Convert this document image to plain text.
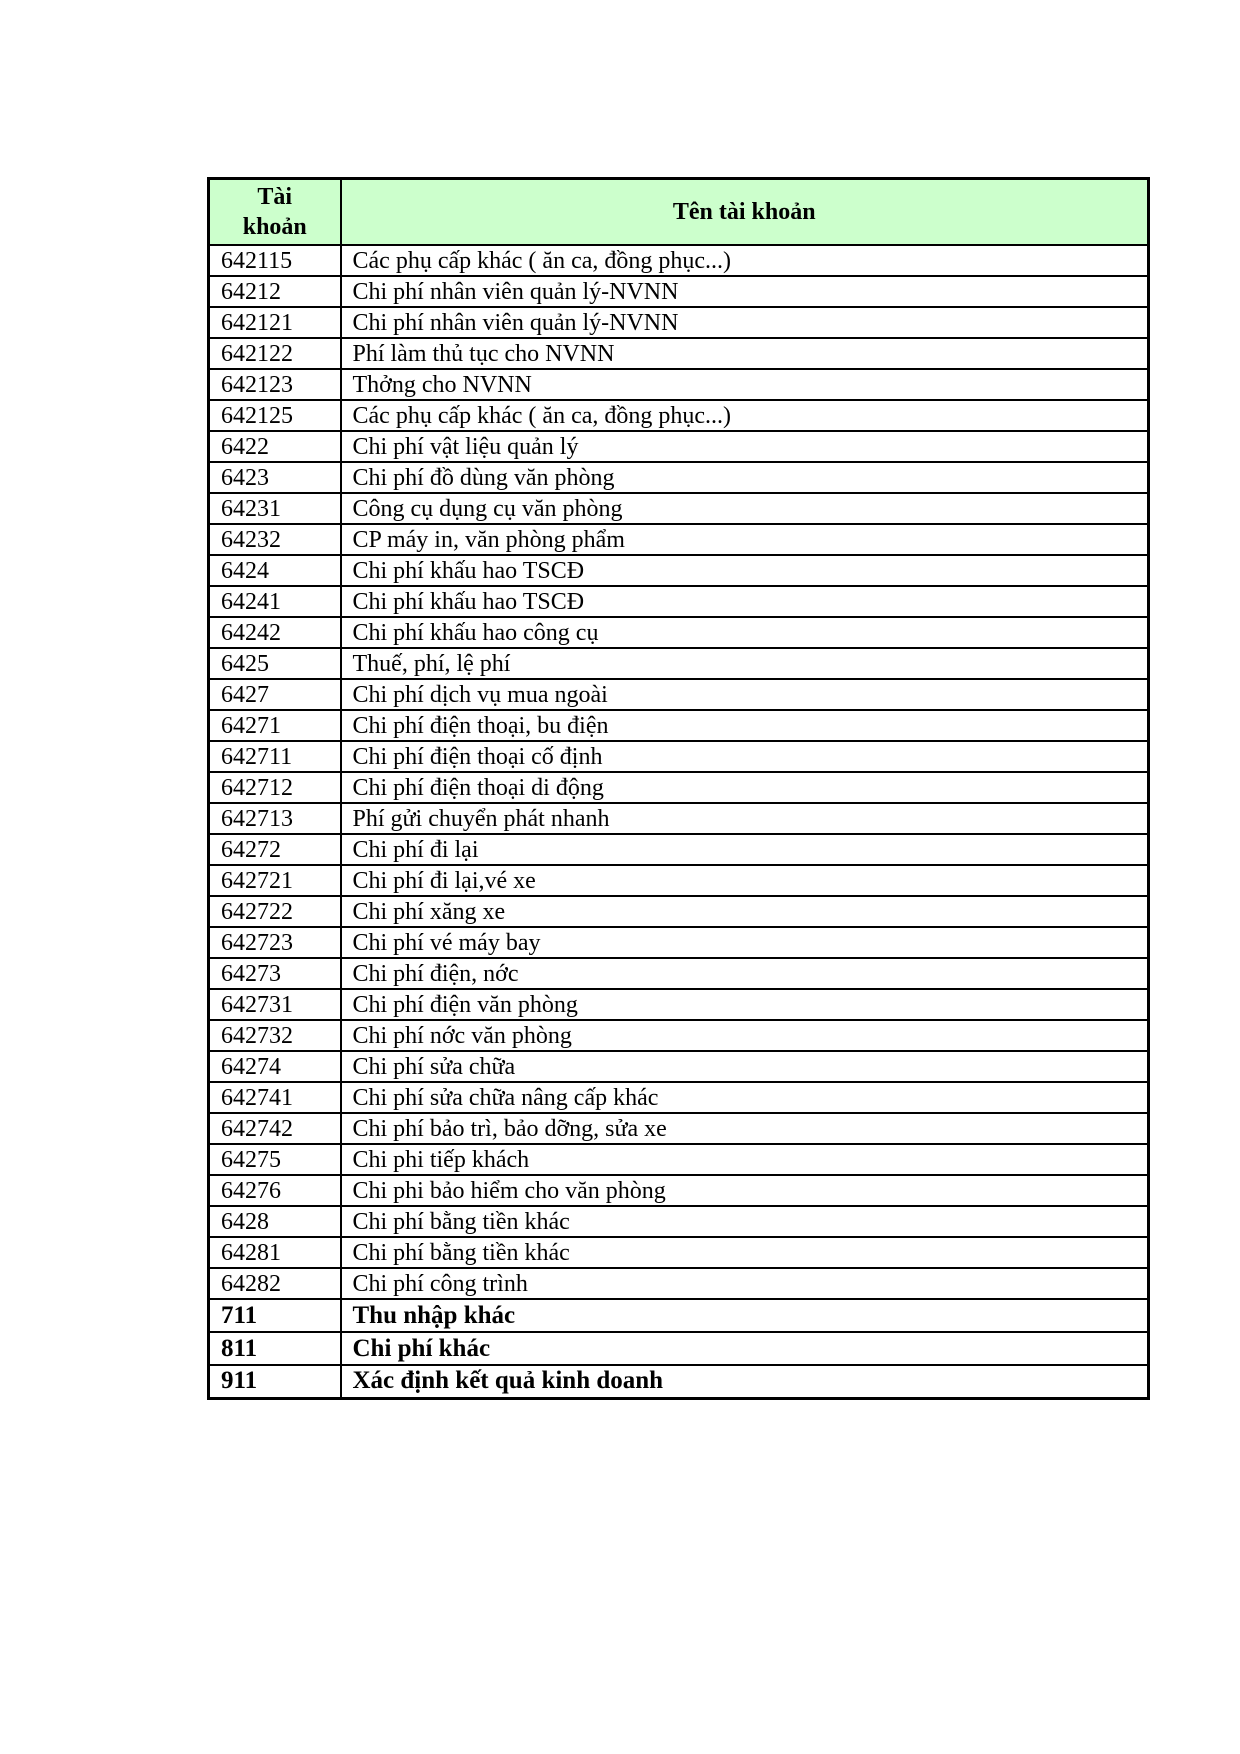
Tài
khoản	Tên tài khoản
642115	Các phụ cấp khác ( ăn ca, đồng phục...)
64212	Chi phí nhân viên quản lý-NVNN
642121	Chi phí nhân viên quản lý-NVNN
642122	Phí làm thủ tục cho NVNN
642123	Thởng cho NVNN
642125	Các phụ cấp khác ( ăn ca, đồng phục...)
6422	Chi phí vật liệu quản lý
6423	Chi phí đồ dùng văn phòng
64231	Công cụ dụng cụ văn phòng
64232	CP máy in, văn phòng phẩm
6424	Chi phí khấu hao TSCĐ
64241	Chi phí khấu hao TSCĐ
64242	Chi phí khấu hao công cụ
6425	Thuế, phí, lệ phí
6427	Chi phí dịch vụ mua ngoài
64271	Chi phí điện thoại, bu điện
642711	Chi phí điện thoại cố định
642712	Chi phí điện thoại di động
642713	Phí gửi chuyển phát nhanh
64272	Chi phí đi lại
642721	Chi phí đi lại,vé xe
642722	Chi phí xăng xe
642723	Chi phí vé máy bay
64273	Chi phí điện, nớc
642731	Chi phí điện văn phòng
642732	Chi phí nớc văn phòng
64274	Chi phí sửa chữa
642741	Chi phí sửa chữa nâng cấp khác
642742	Chi phí bảo trì, bảo dỡng, sửa xe
64275	Chi phi tiếp khách
64276	Chi phi bảo hiểm cho văn phòng
6428	Chi phí bằng tiền khác
64281	Chi phí bằng tiền khác
64282	Chi phí công trình
711	Thu nhập khác
811	Chi phí khác
911	Xác định kết quả kinh doanh
